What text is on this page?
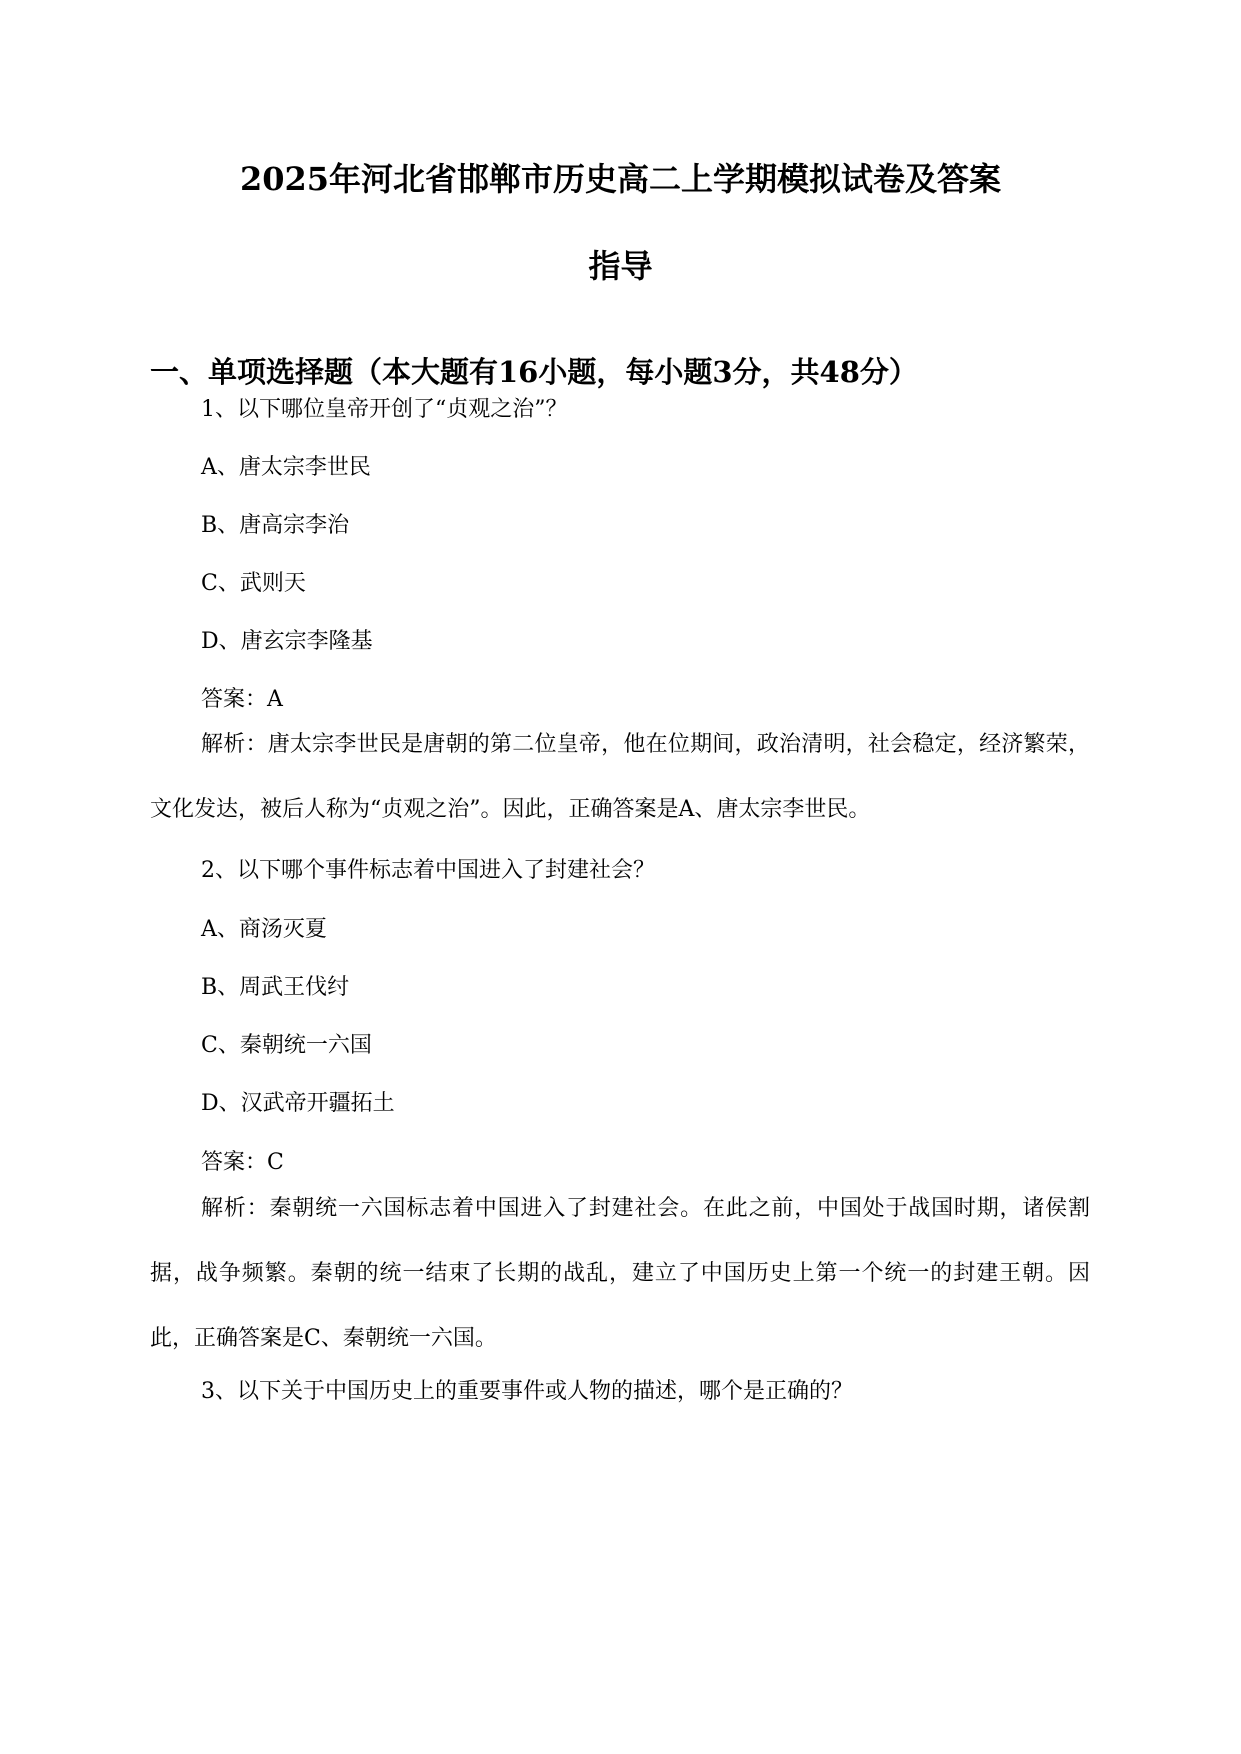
2025年河北省邯郸市历史高二上学期模拟试卷及答案
指导
一、单项选择题（本大题有16小题，每小题3分，共48分）

1、以下哪位皇帝开创了“贞观之治”？

A、唐太宗李世民

B、唐高宗李治

C、武则天

D、唐玄宗李隆基

答案：A

解析：唐太宗李世民是唐朝的第二位皇帝，他在位期间，政治清明，社会稳定，经济繁荣，文化发达，被后人称为“贞观之治”。因此，正确答案是A、唐太宗李世民。

2、以下哪个事件标志着中国进入了封建社会？

A、商汤灭夏

B、周武王伐纣

C、秦朝统一六国

D、汉武帝开疆拓土

答案：C

解析：秦朝统一六国标志着中国进入了封建社会。在此之前，中国处于战国时期，诸侯割据，战争频繁。秦朝的统一结束了长期的战乱，建立了中国历史上第一个统一的封建王朝。因此，正确答案是C、秦朝统一六国。

3、以下关于中国历史上的重要事件或人物的描述，哪个是正确的？
